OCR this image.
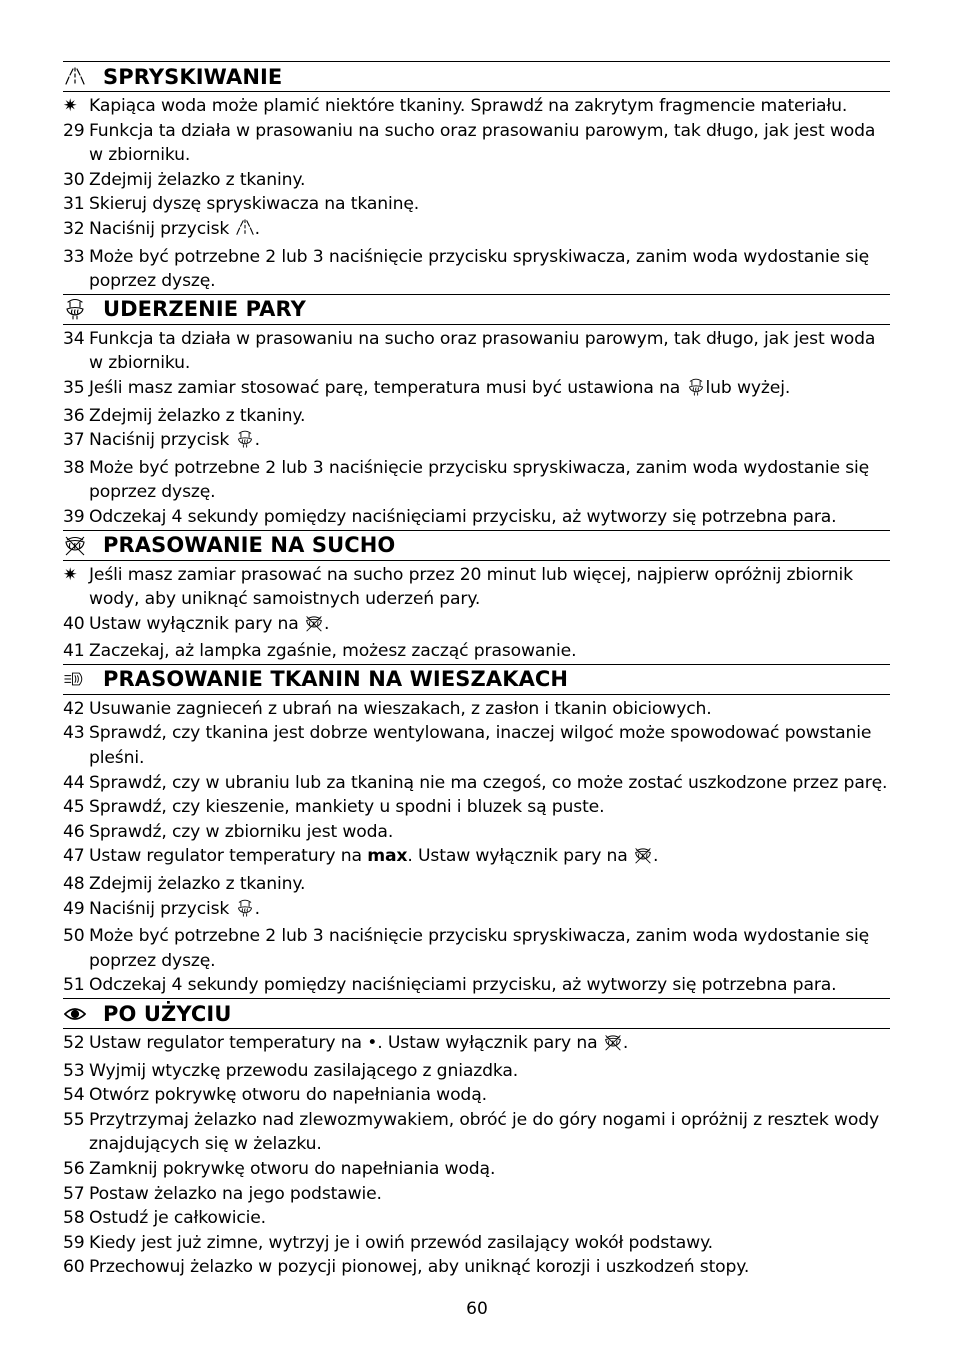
SPRYSKIWANIE
✷ Kapiąca woda może plamić niektóre tkaniny. Sprawdź na zakrytym fragmencie materiału.
29 Funkcja ta działa w prasowaniu na sucho oraz prasowaniu parowym, tak długo, jak jest woda w zbiorniku.
30 Zdejmij żelazko z tkaniny.
31 Skieruj dyszę spryskiwacza na tkaninę.
32 Naciśnij przycisk .
33 Może być potrzebne 2 lub 3 naciśnięcie przycisku spryskiwacza, zanim woda wydostanie się poprzez dyszę.
UDERZENIE PARY
34 Funkcja ta działa w prasowaniu na sucho oraz prasowaniu parowym, tak długo, jak jest woda w zbiorniku.
35 Jeśli masz zamiar stosować parę, temperatura musi być ustawiona na lub wyżej.
36 Zdejmij żelazko z tkaniny.
37 Naciśnij przycisk .
38 Może być potrzebne 2 lub 3 naciśnięcie przycisku spryskiwacza, zanim woda wydostanie się poprzez dyszę.
39 Odczekaj 4 sekundy pomiędzy naciśnięciami przycisku, aż wytworzy się potrzebna para.
PRASOWANIE NA SUCHO
✷ Jeśli masz zamiar prasować na sucho przez 20 minut lub więcej, najpierw opróżnij zbiornik wody, aby uniknąć samoistnych uderzeń pary.
40 Ustaw wyłącznik pary na .
41 Zaczekaj, aż lampka zgaśnie, możesz zacząć prasowanie.
PRASOWANIE TKANIN NA WIESZAKACH
42 Usuwanie zagnieceń z ubrań na wieszakach, z zasłon i tkanin obiciowych.
43 Sprawdź, czy tkanina jest dobrze wentylowana, inaczej wilgoć może spowodować powstanie pleśni.
44 Sprawdź, czy w ubraniu lub za tkaniną nie ma czegoś, co może zostać uszkodzone przez parę.
45 Sprawdź, czy kieszenie, mankiety u spodni i bluzek są puste.
46 Sprawdź, czy w zbiorniku jest woda.
47 Ustaw regulator temperatury na max. Ustaw wyłącznik pary na .
48 Zdejmij żelazko z tkaniny.
49 Naciśnij przycisk .
50 Może być potrzebne 2 lub 3 naciśnięcie przycisku spryskiwacza, zanim woda wydostanie się poprzez dyszę.
51 Odczekaj 4 sekundy pomiędzy naciśnięciami przycisku, aż wytworzy się potrzebna para.
PO UŻYCIU
52 Ustaw regulator temperatury na •. Ustaw wyłącznik pary na .
53 Wyjmij wtyczkę przewodu zasilającego z gniazdka.
54 Otwórz pokrywkę otworu do napełniania wodą.
55 Przytrzymaj żelazko nad zlewozmywakiem, obróć je do góry nogami i opróżnij z resztek wody znajdujących się w żelazku.
56 Zamknij pokrywkę otworu do napełniania wodą.
57 Postaw żelazko na jego podstawie.
58 Ostudź je całkowicie.
59 Kiedy jest już zimne, wytrzyj je i owiń przewód zasilający wokół podstawy.
60 Przechowuj żelazko w pozycji pionowej, aby uniknąć korozji i uszkodzeń stopy.
60
